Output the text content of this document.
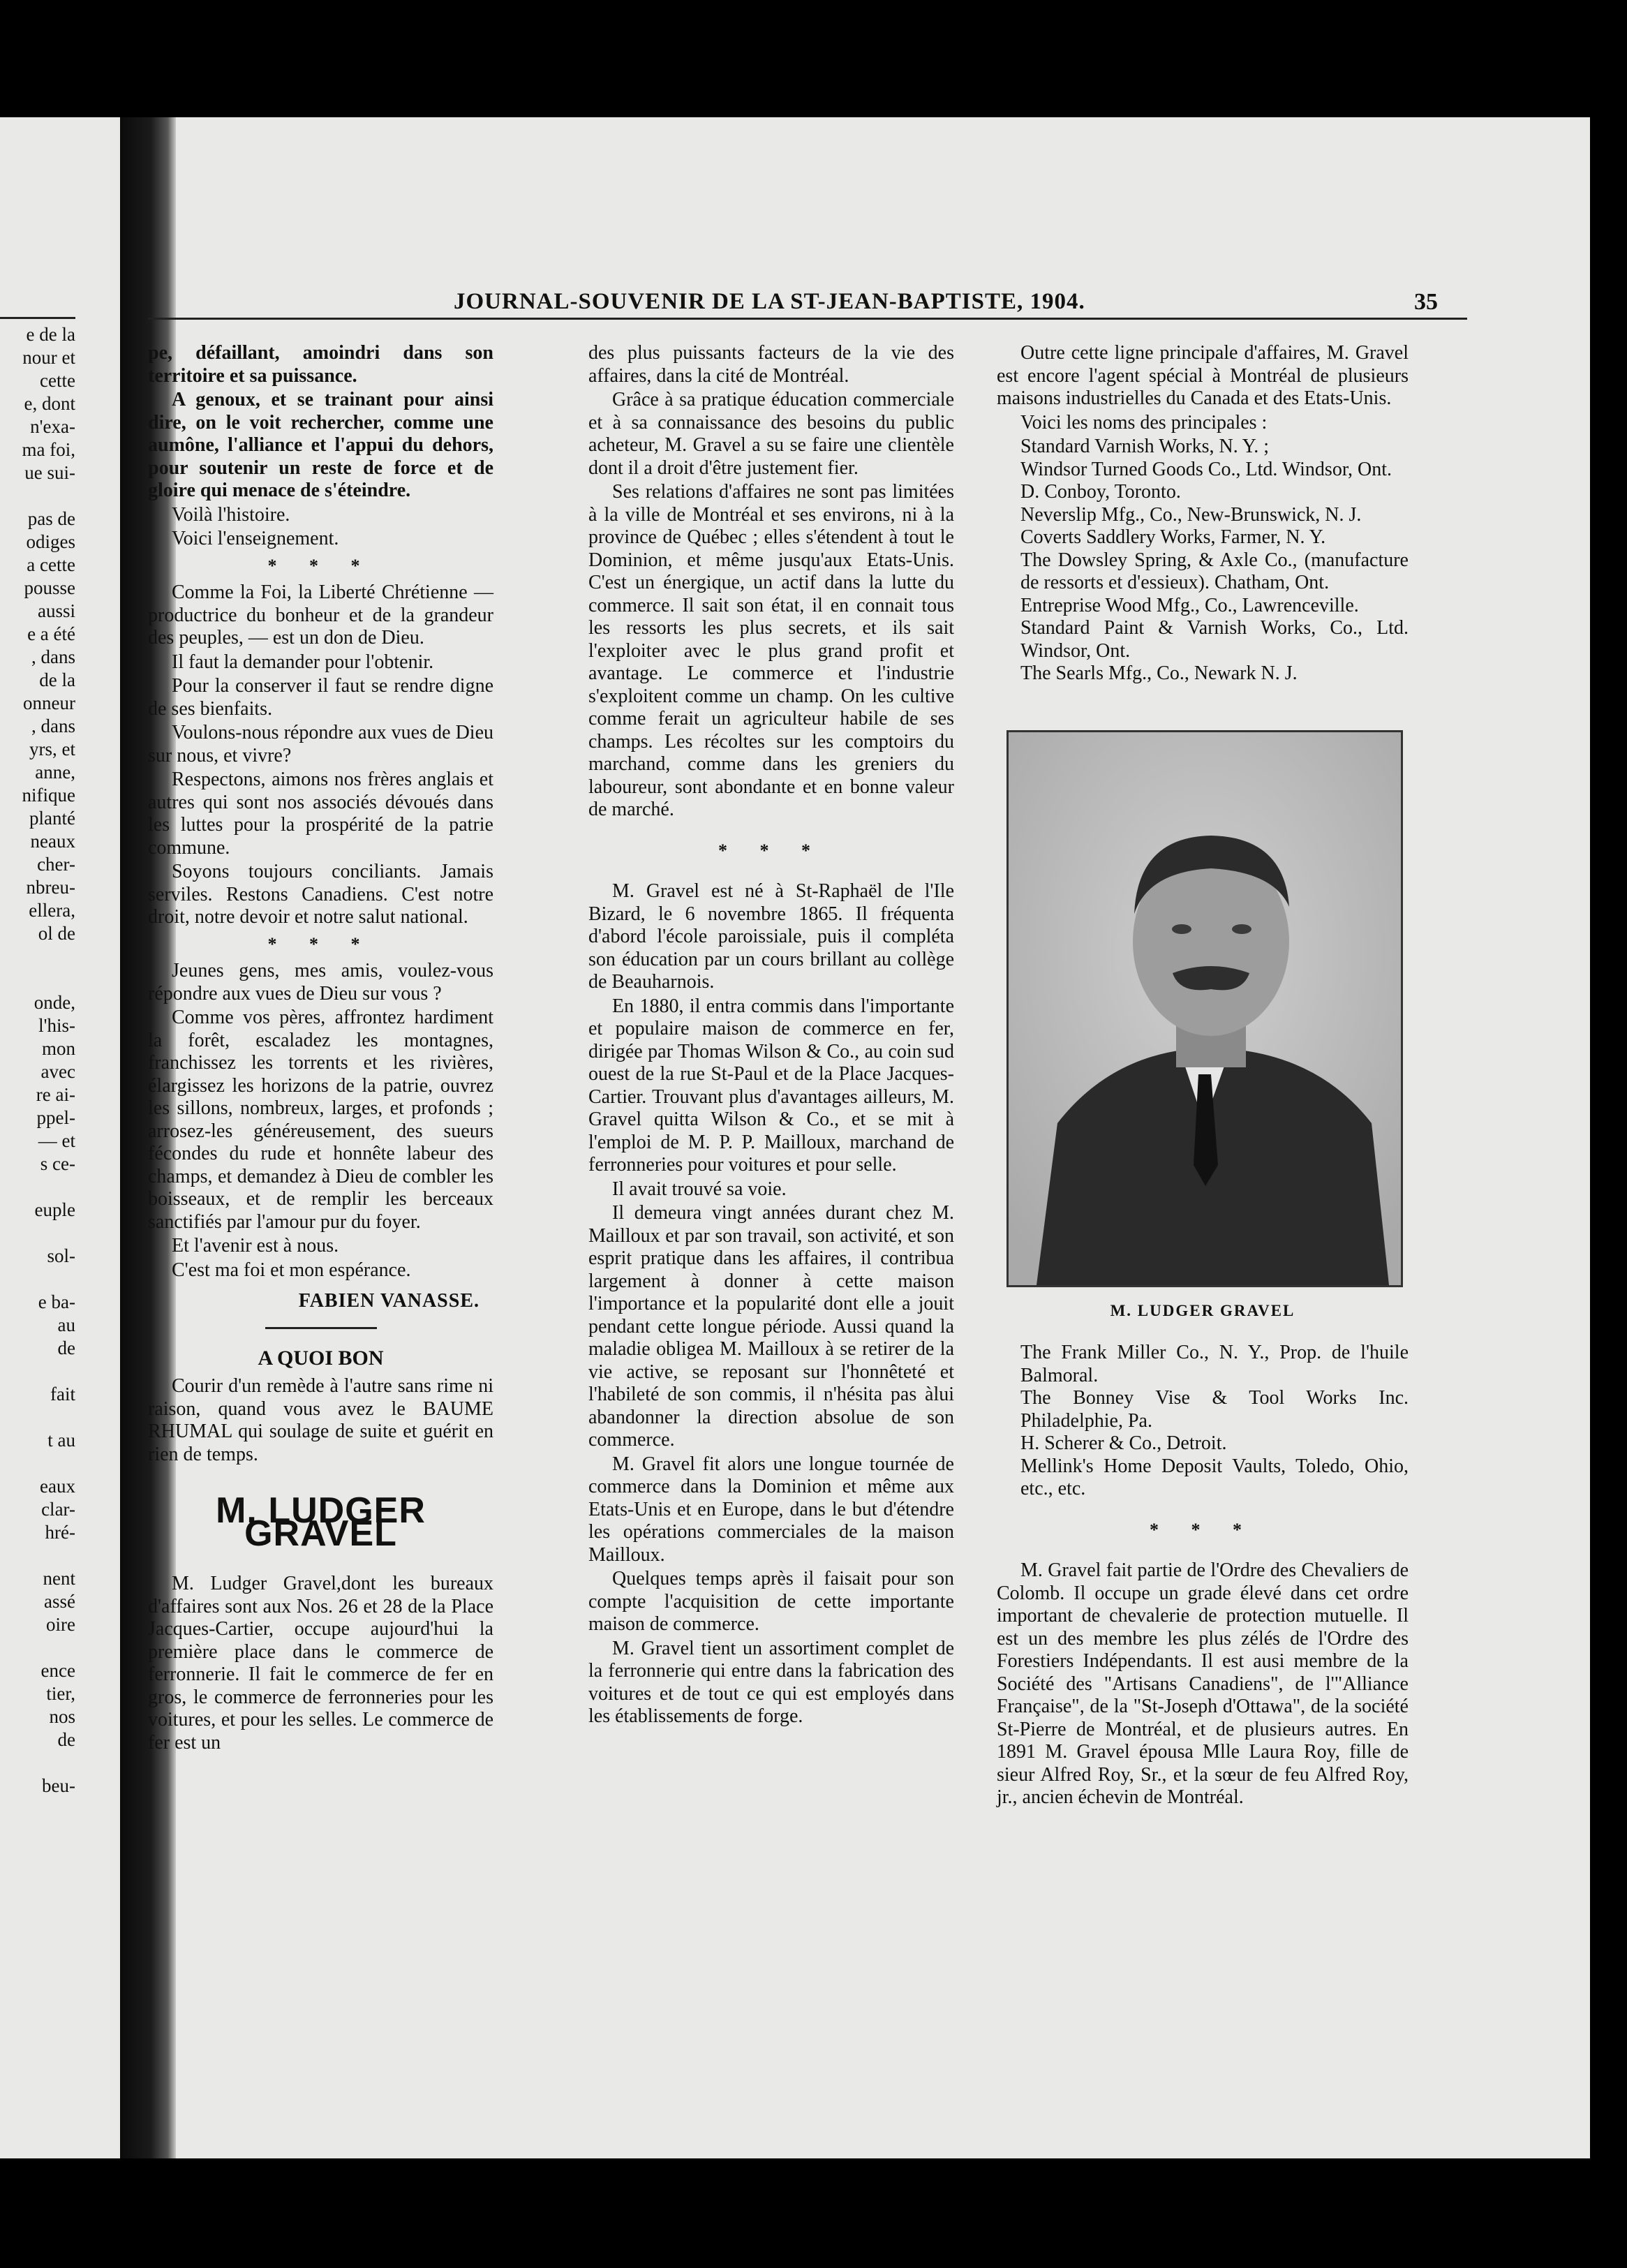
e de la
nour et
cette
e, dont
n'exa-
ma foi,
ue sui-

pas de
odiges
a cette
pousse
aussi
e a été
, dans
de la
onneur
, dans
yrs, et
anne,
nifique
planté
neaux
cher-
nbreu-
ellera,
ol de

onde,
l'his-
mon
avec
re ai-
ppel-
— et
s ce-

euple

sol-

e ba-
au
de

fait

t au

eaux
clar-
hré-

nent
assé
oire

ence
tier,
nos
de

beu-
JOURNAL-SOUVENIR DE LA ST-JEAN-BAPTISTE, 1904.	35

pe, défaillant, amoindri dans son territoire et sa puissance.

A genoux, et se trainant pour ainsi dire, on le voit rechercher, comme une aumône, l'alliance et l'appui du dehors, pour soutenir un reste de force et de gloire qui menace de s'éteindre.

Voilà l'histoire.

Voici l'enseignement.

* * *

Comme la Foi, la Liberté Chrétienne — productrice du bonheur et de la grandeur des peuples, — est un don de Dieu.

Il faut la demander pour l'obtenir.

Pour la conserver il faut se rendre digne de ses bienfaits.

Voulons-nous répondre aux vues de Dieu sur nous, et vivre?

Respectons, aimons nos frères anglais et autres qui sont nos associés dévoués dans les luttes pour la prospérité de la patrie commune.

Soyons toujours conciliants. Jamais serviles. Restons Canadiens. C'est notre droit, notre devoir et notre salut national.

* * *

Jeunes gens, mes amis, voulez-vous répondre aux vues de Dieu sur vous ?

Comme vos pères, affrontez hardiment la forêt, escaladez les montagnes, franchissez les torrents et les rivières, élargissez les horizons de la patrie, ouvrez les sillons, nombreux, larges, et profonds ; arrosez-les généreusement, des sueurs fécondes du rude et honnête labeur des champs, et demandez à Dieu de combler les boisseaux, et de remplir les berceaux sanctifiés par l'amour pur du foyer.

Et l'avenir est à nous.

C'est ma foi et mon espérance.

FABIEN VANASSE.
A QUOI BON

Courir d'un remède à l'autre sans rime ni raison, quand vous avez le BAUME RHUMAL qui soulage de suite et guérit en rien de temps.

M. LUDGER GRAVEL

M. Ludger Gravel,dont les bureaux d'affaires sont aux Nos. 26 et 28 de la Place Jacques-Cartier, occupe aujourd'hui la première place dans le commerce de ferronnerie. Il fait le commerce de fer en gros, le commerce de ferronneries pour les voitures, et pour les selles. Le commerce de fer est un

des plus puissants facteurs de la vie des affaires, dans la cité de Montréal.

Grâce à sa pratique éducation commerciale et à sa connaissance des besoins du public acheteur, M. Gravel a su se faire une clientèle dont il a droit d'être justement fier.

Ses relations d'affaires ne sont pas limitées à la ville de Montréal et ses environs, ni à la province de Québec ; elles s'étendent à tout le Dominion, et même jusqu'aux Etats-Unis. C'est un énergique, un actif dans la lutte du commerce. Il sait son état, il en connait tous les ressorts les plus secrets, et ils sait l'exploiter avec le plus grand profit et avantage. Le commerce et l'industrie s'exploitent comme un champ. On les cultive comme ferait un agriculteur habile de ses champs. Les récoltes sur les comptoirs du marchand, comme dans les greniers du laboureur, sont abondante et en bonne valeur de marché.

* * *

M. Gravel est né à St-Raphaël de l'Ile Bizard, le 6 novembre 1865. Il fréquenta d'abord l'école paroissiale, puis il compléta son éducation par un cours brillant au collège de Beauharnois.

En 1880, il entra commis dans l'importante et populaire maison de commerce en fer, dirigée par Thomas Wilson & Co., au coin sud ouest de la rue St-Paul et de la Place Jacques-Cartier. Trouvant plus d'avantages ailleurs, M. Gravel quitta Wilson & Co., et se mit à l'emploi de M. P. P. Mailloux, marchand de ferronneries pour voitures et pour selle.

Il avait trouvé sa voie.

Il demeura vingt années durant chez M. Mailloux et par son travail, son activité, et son esprit pratique dans les affaires, il contribua largement à donner à cette maison l'importance et la popularité dont elle a jouit pendant cette longue période. Aussi quand la maladie obligea M. Mailloux à se retirer de la vie active, se reposant sur l'honnêteté et l'habileté de son commis, il n'hésita pas àlui abandonner la direction absolue de son commerce.

M. Gravel fit alors une longue tournée de commerce dans la Dominion et même aux Etats-Unis et en Europe, dans le but d'étendre les opérations commerciales de la maison Mailloux.

Quelques temps après il faisait pour son compte l'acquisition de cette importante maison de commerce.

M. Gravel tient un assortiment complet de la ferronnerie qui entre dans la fabrication des voitures et de tout ce qui est employés dans les établissements de forge.

Outre cette ligne principale d'affaires, M. Gravel est encore l'agent spécial à Montréal de plusieurs maisons industrielles du Canada et des Etats-Unis.

Voici les noms des principales :

Standard Varnish Works, N. Y. ;

Windsor Turned Goods Co., Ltd. Windsor, Ont.

D. Conboy, Toronto.

Neverslip Mfg., Co., New-Brunswick, N. J.

Coverts Saddlery Works, Farmer, N. Y.

The Dowsley Spring, & Axle Co., (manufacture de ressorts et d'essieux). Chatham, Ont.

Entreprise Wood Mfg., Co., Lawrenceville.

Standard Paint & Varnish Works, Co., Ltd. Windsor, Ont.

The Searls Mfg., Co., Newark N. J.

M. LUDGER GRAVEL

The Frank Miller Co., N. Y., Prop. de l'huile Balmoral.

The Bonney Vise & Tool Works Inc. Philadelphie, Pa.

H. Scherer & Co., Detroit.

Mellink's Home Deposit Vaults, Toledo, Ohio, etc., etc.

* * *

M. Gravel fait partie de l'Ordre des Chevaliers de Colomb. Il occupe un grade élevé dans cet ordre important de chevalerie de protection mutuelle. Il est un des membre les plus zélés de l'Ordre des Forestiers Indépendants. Il est ausi membre de la Société des "Artisans Canadiens", de l'"Alliance Française", de la "St-Joseph d'Ottawa", de la société St-Pierre de Montréal, et de plusieurs autres. En 1891 M. Gravel épousa Mlle Laura Roy, fille de sieur Alfred Roy, Sr., et la sœur de feu Alfred Roy, jr., ancien échevin de Montréal.
